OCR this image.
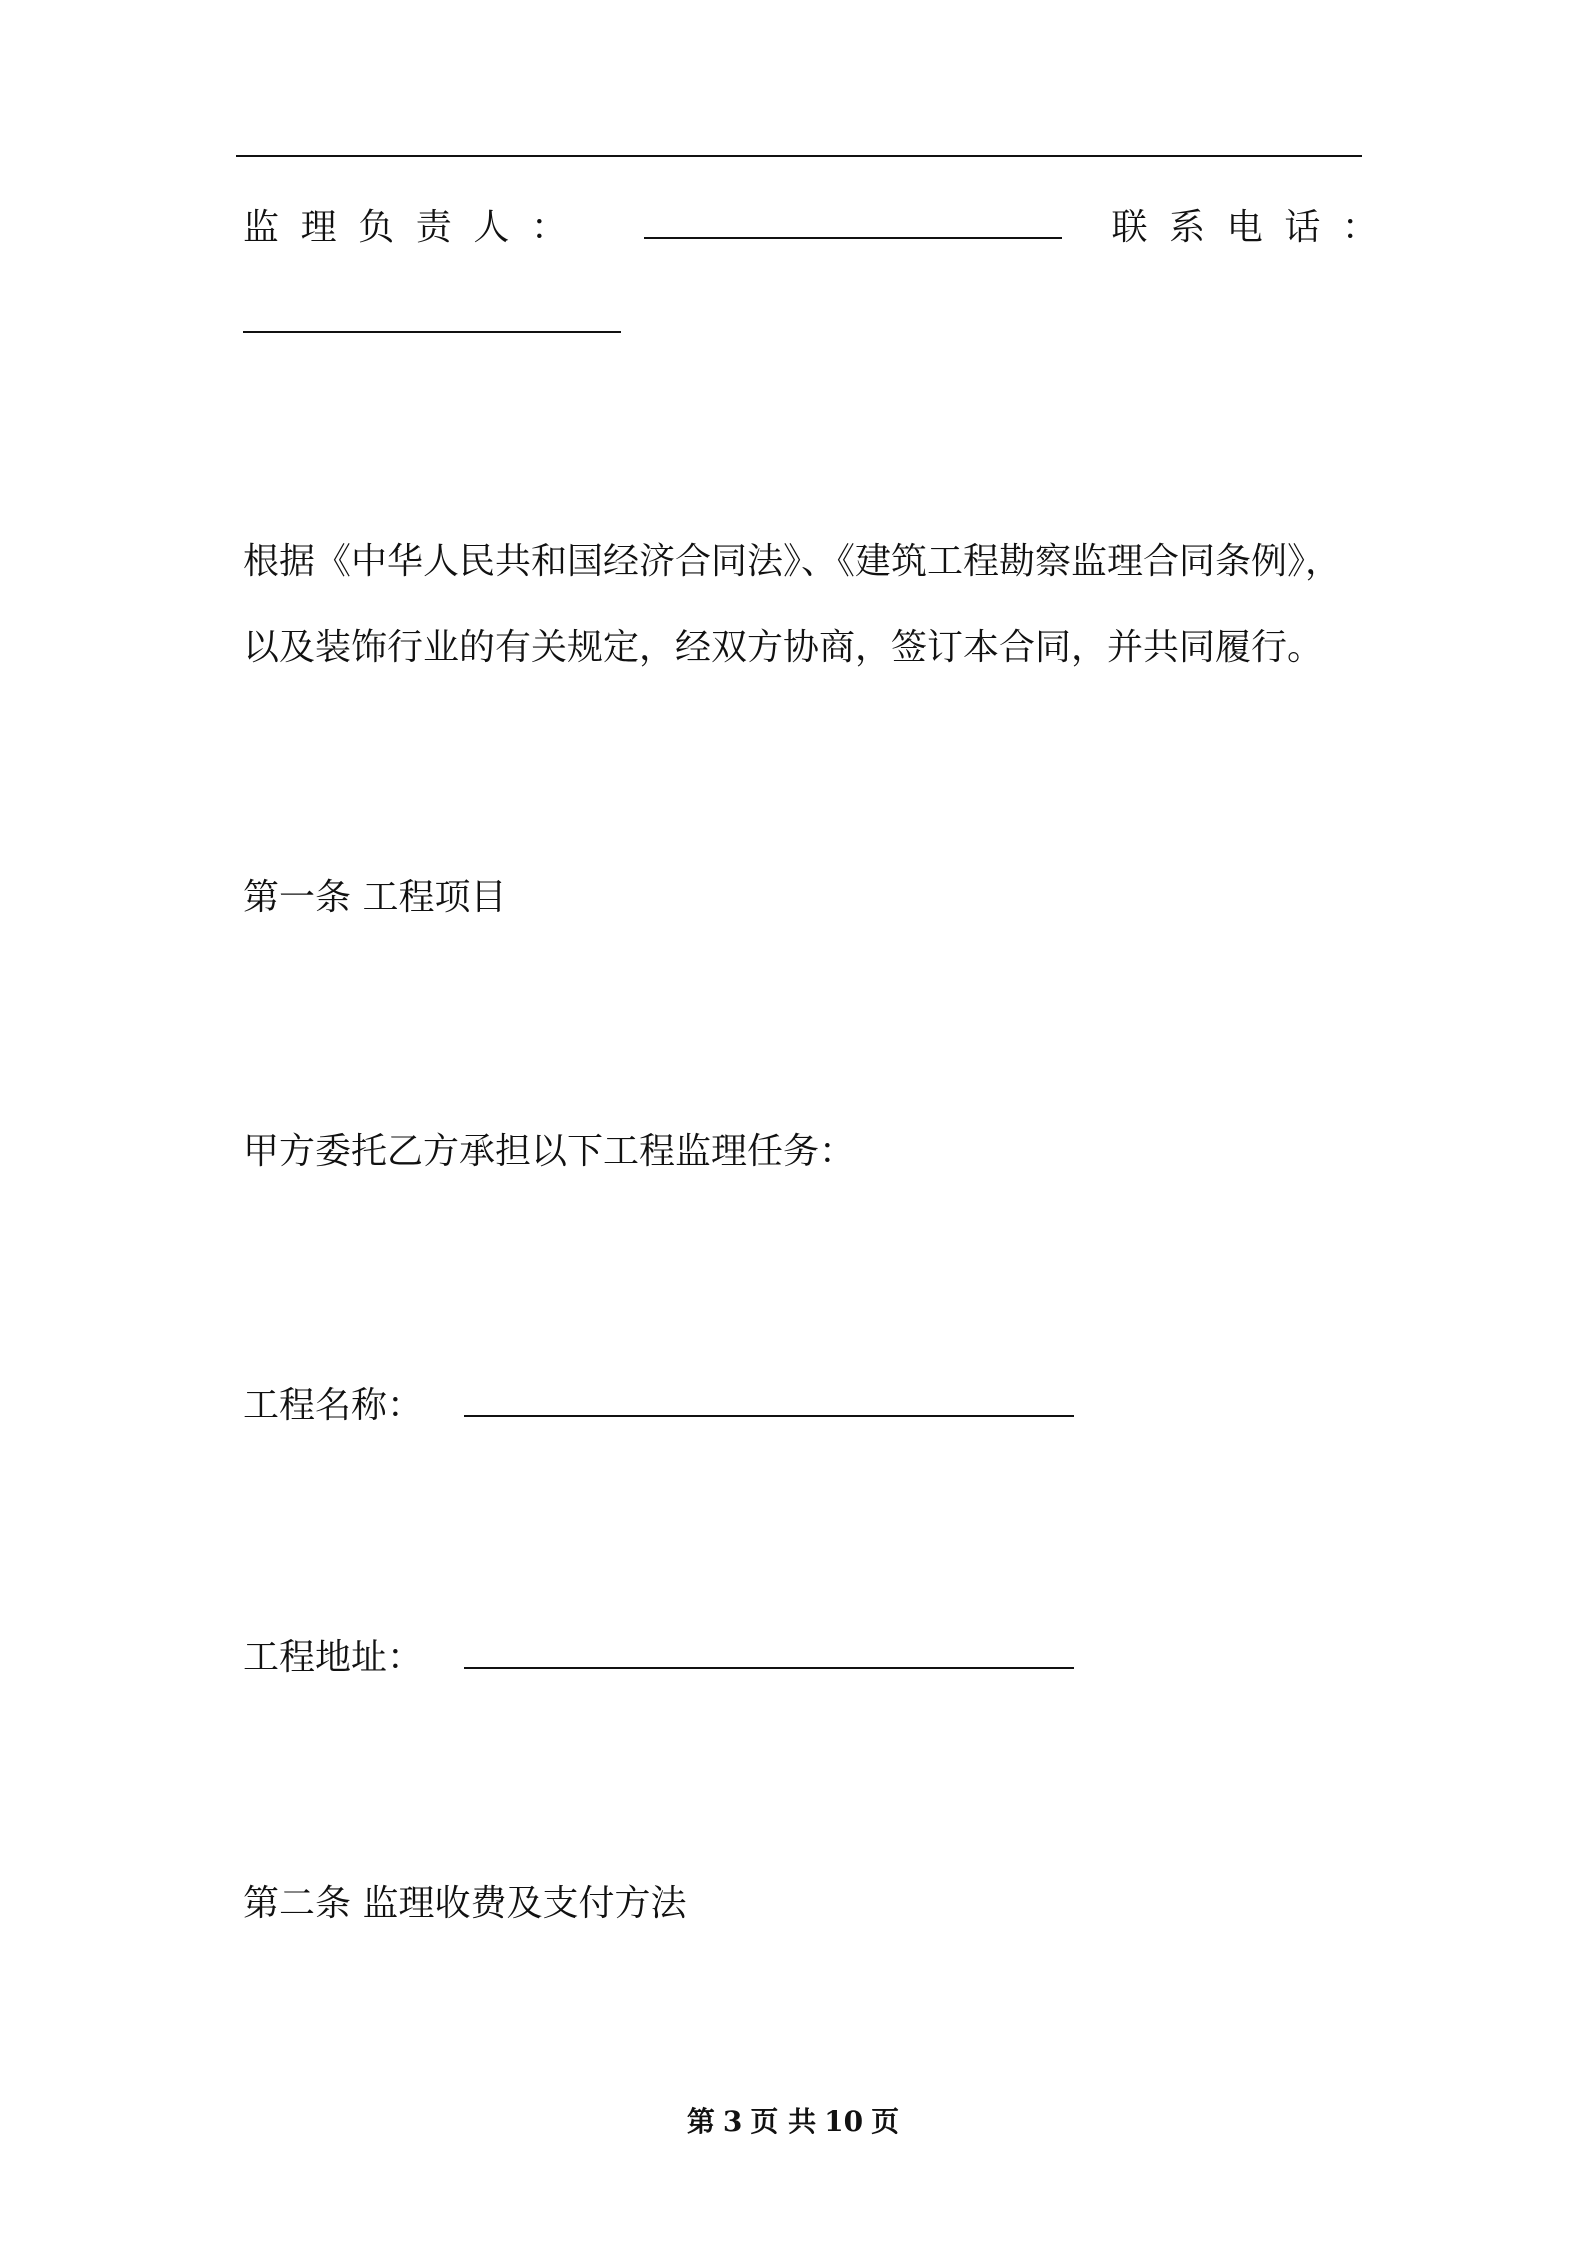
监理负责人：	联系电话：
根据《中华人民共和国经济合同法》、《建筑工程勘察监理合同条例》，
以及装饰行业的有关规定，经双方协商，签订本合同，并共同履行。
第一条 工程项目
甲方委托乙方承担以下工程监理任务：
工程名称：
工程地址：
第二条 监理收费及支付方法
第 3 页 共 10 页
